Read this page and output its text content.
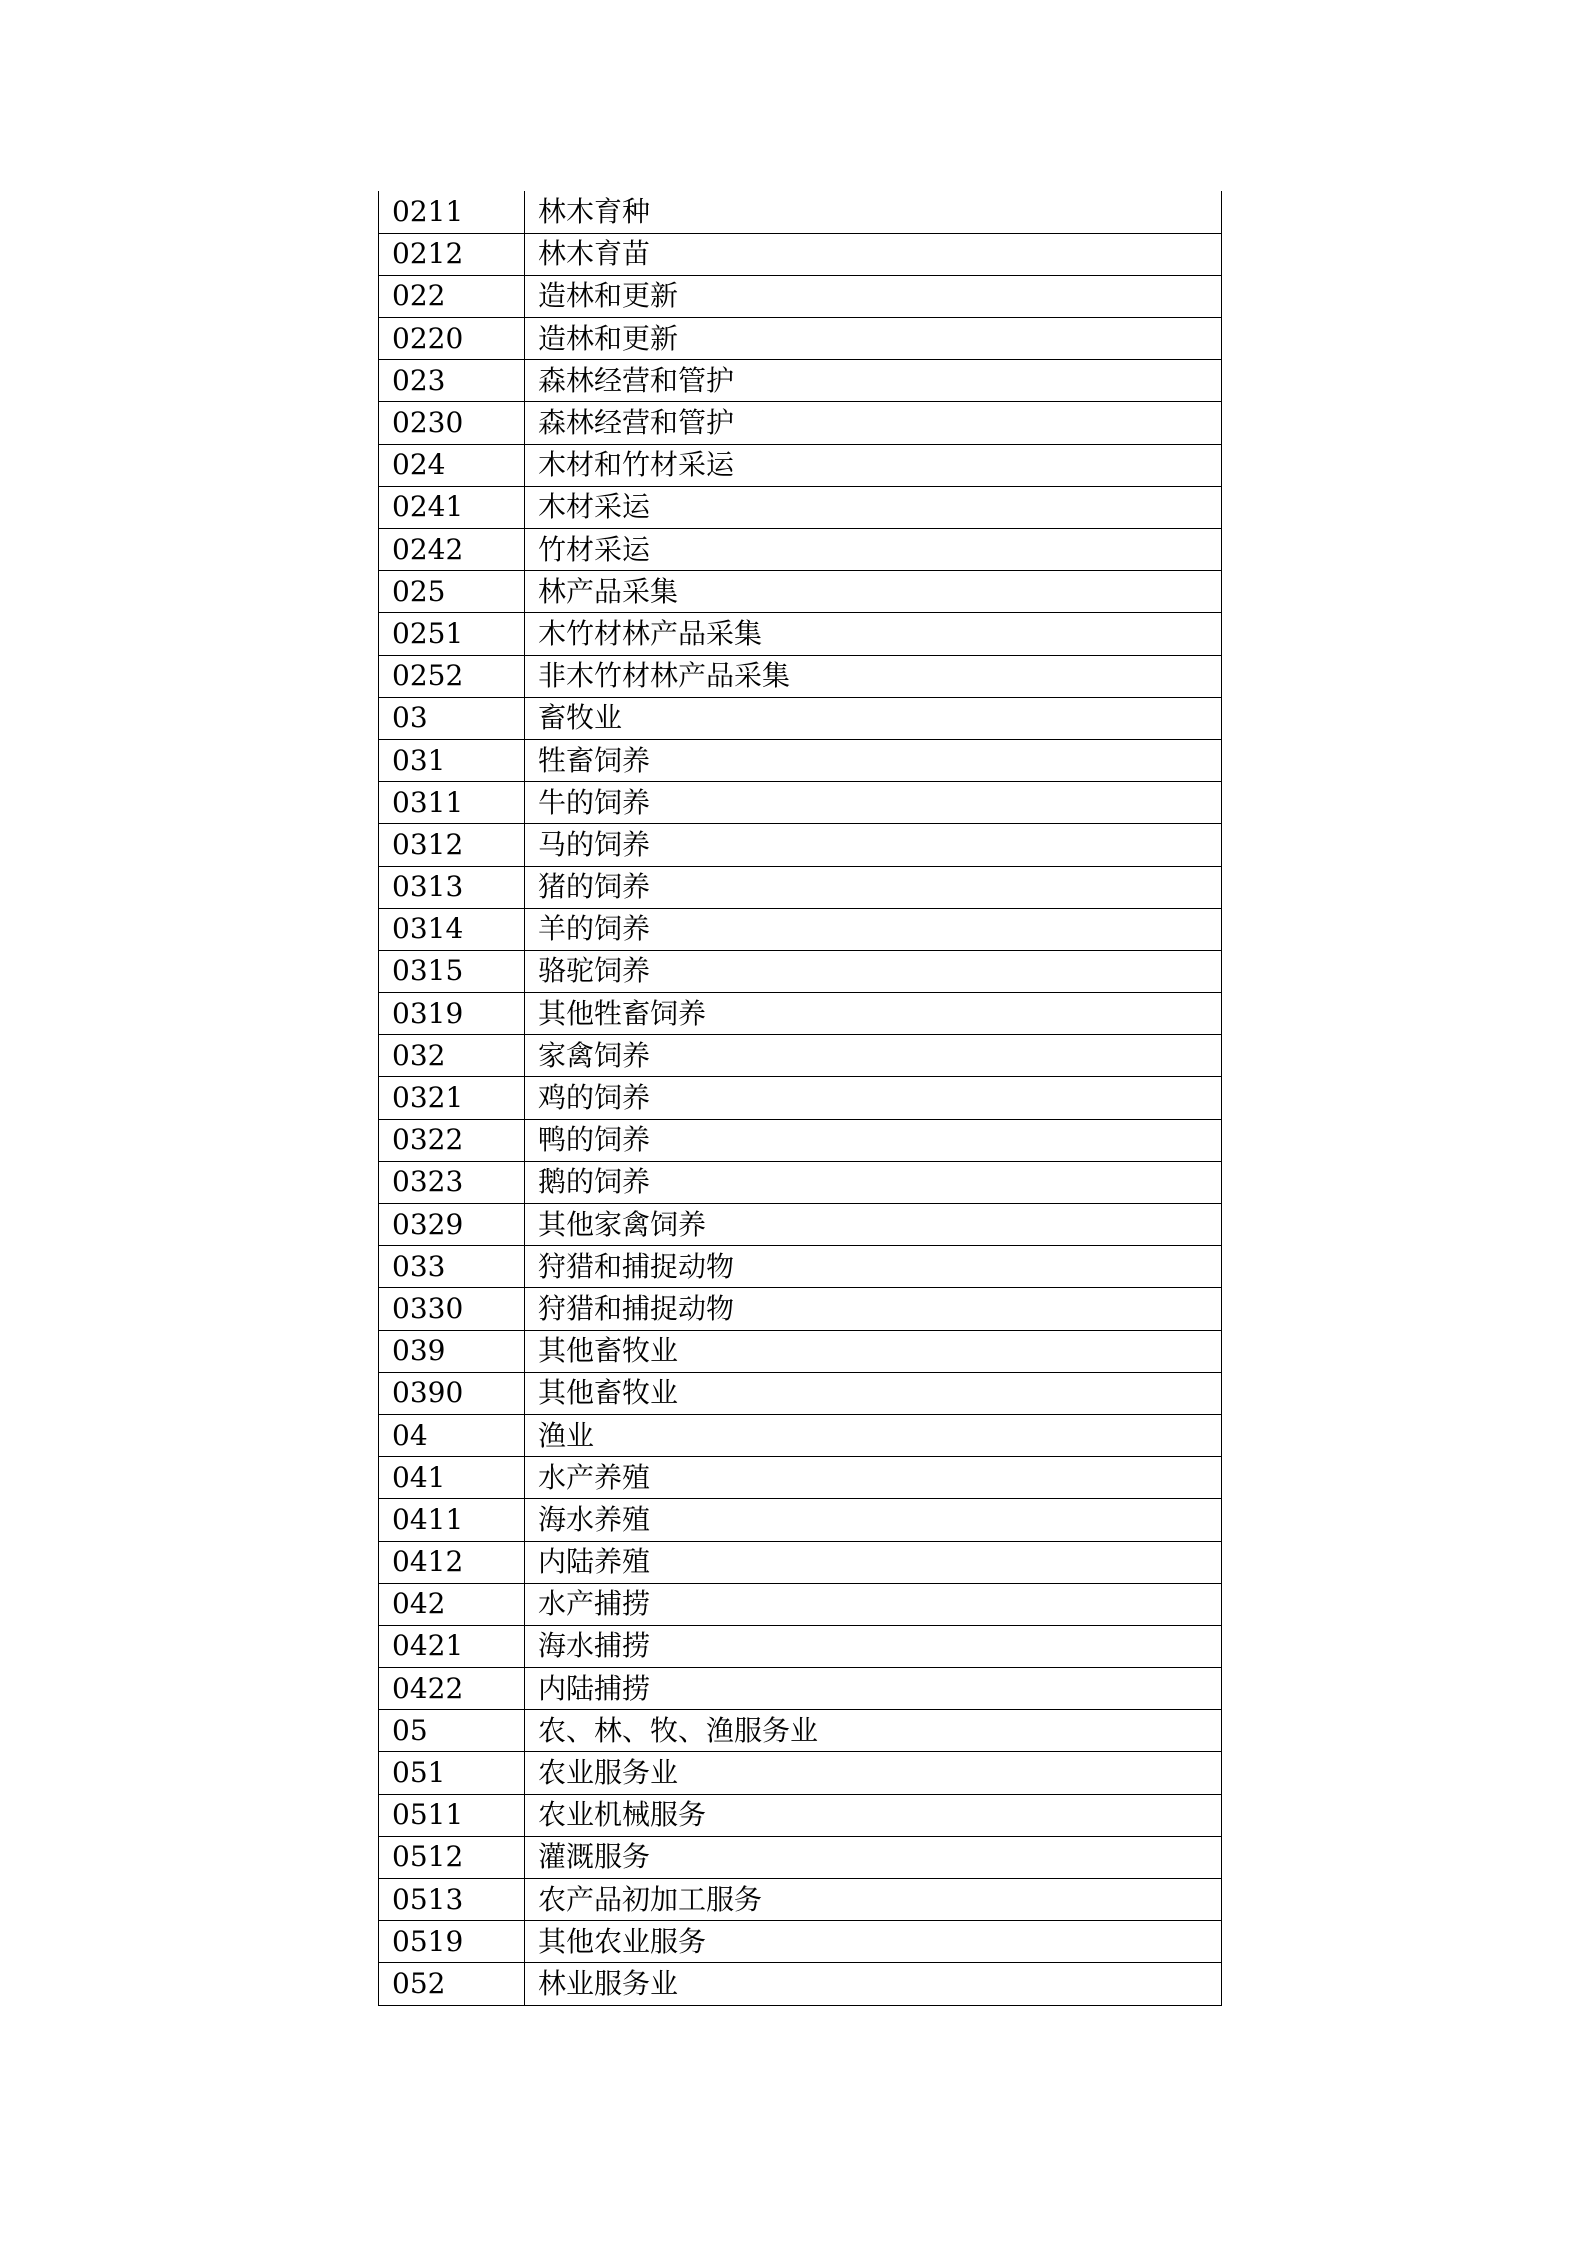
0211	林木育种
0212	林木育苗
022	造林和更新
0220	造林和更新
023	森林经营和管护
0230	森林经营和管护
024	木材和竹材采运
0241	木材采运
0242	竹材采运
025	林产品采集
0251	木竹材林产品采集
0252	非木竹材林产品采集
03	畜牧业
031	牲畜饲养
0311	牛的饲养
0312	马的饲养
0313	猪的饲养
0314	羊的饲养
0315	骆驼饲养
0319	其他牲畜饲养
032	家禽饲养
0321	鸡的饲养
0322	鸭的饲养
0323	鹅的饲养
0329	其他家禽饲养
033	狩猎和捕捉动物
0330	狩猎和捕捉动物
039	其他畜牧业
0390	其他畜牧业
04	渔业
041	水产养殖
0411	海水养殖
0412	内陆养殖
042	水产捕捞
0421	海水捕捞
0422	内陆捕捞
05	农、林、牧、渔服务业
051	农业服务业
0511	农业机械服务
0512	灌溉服务
0513	农产品初加工服务
0519	其他农业服务
052	林业服务业
